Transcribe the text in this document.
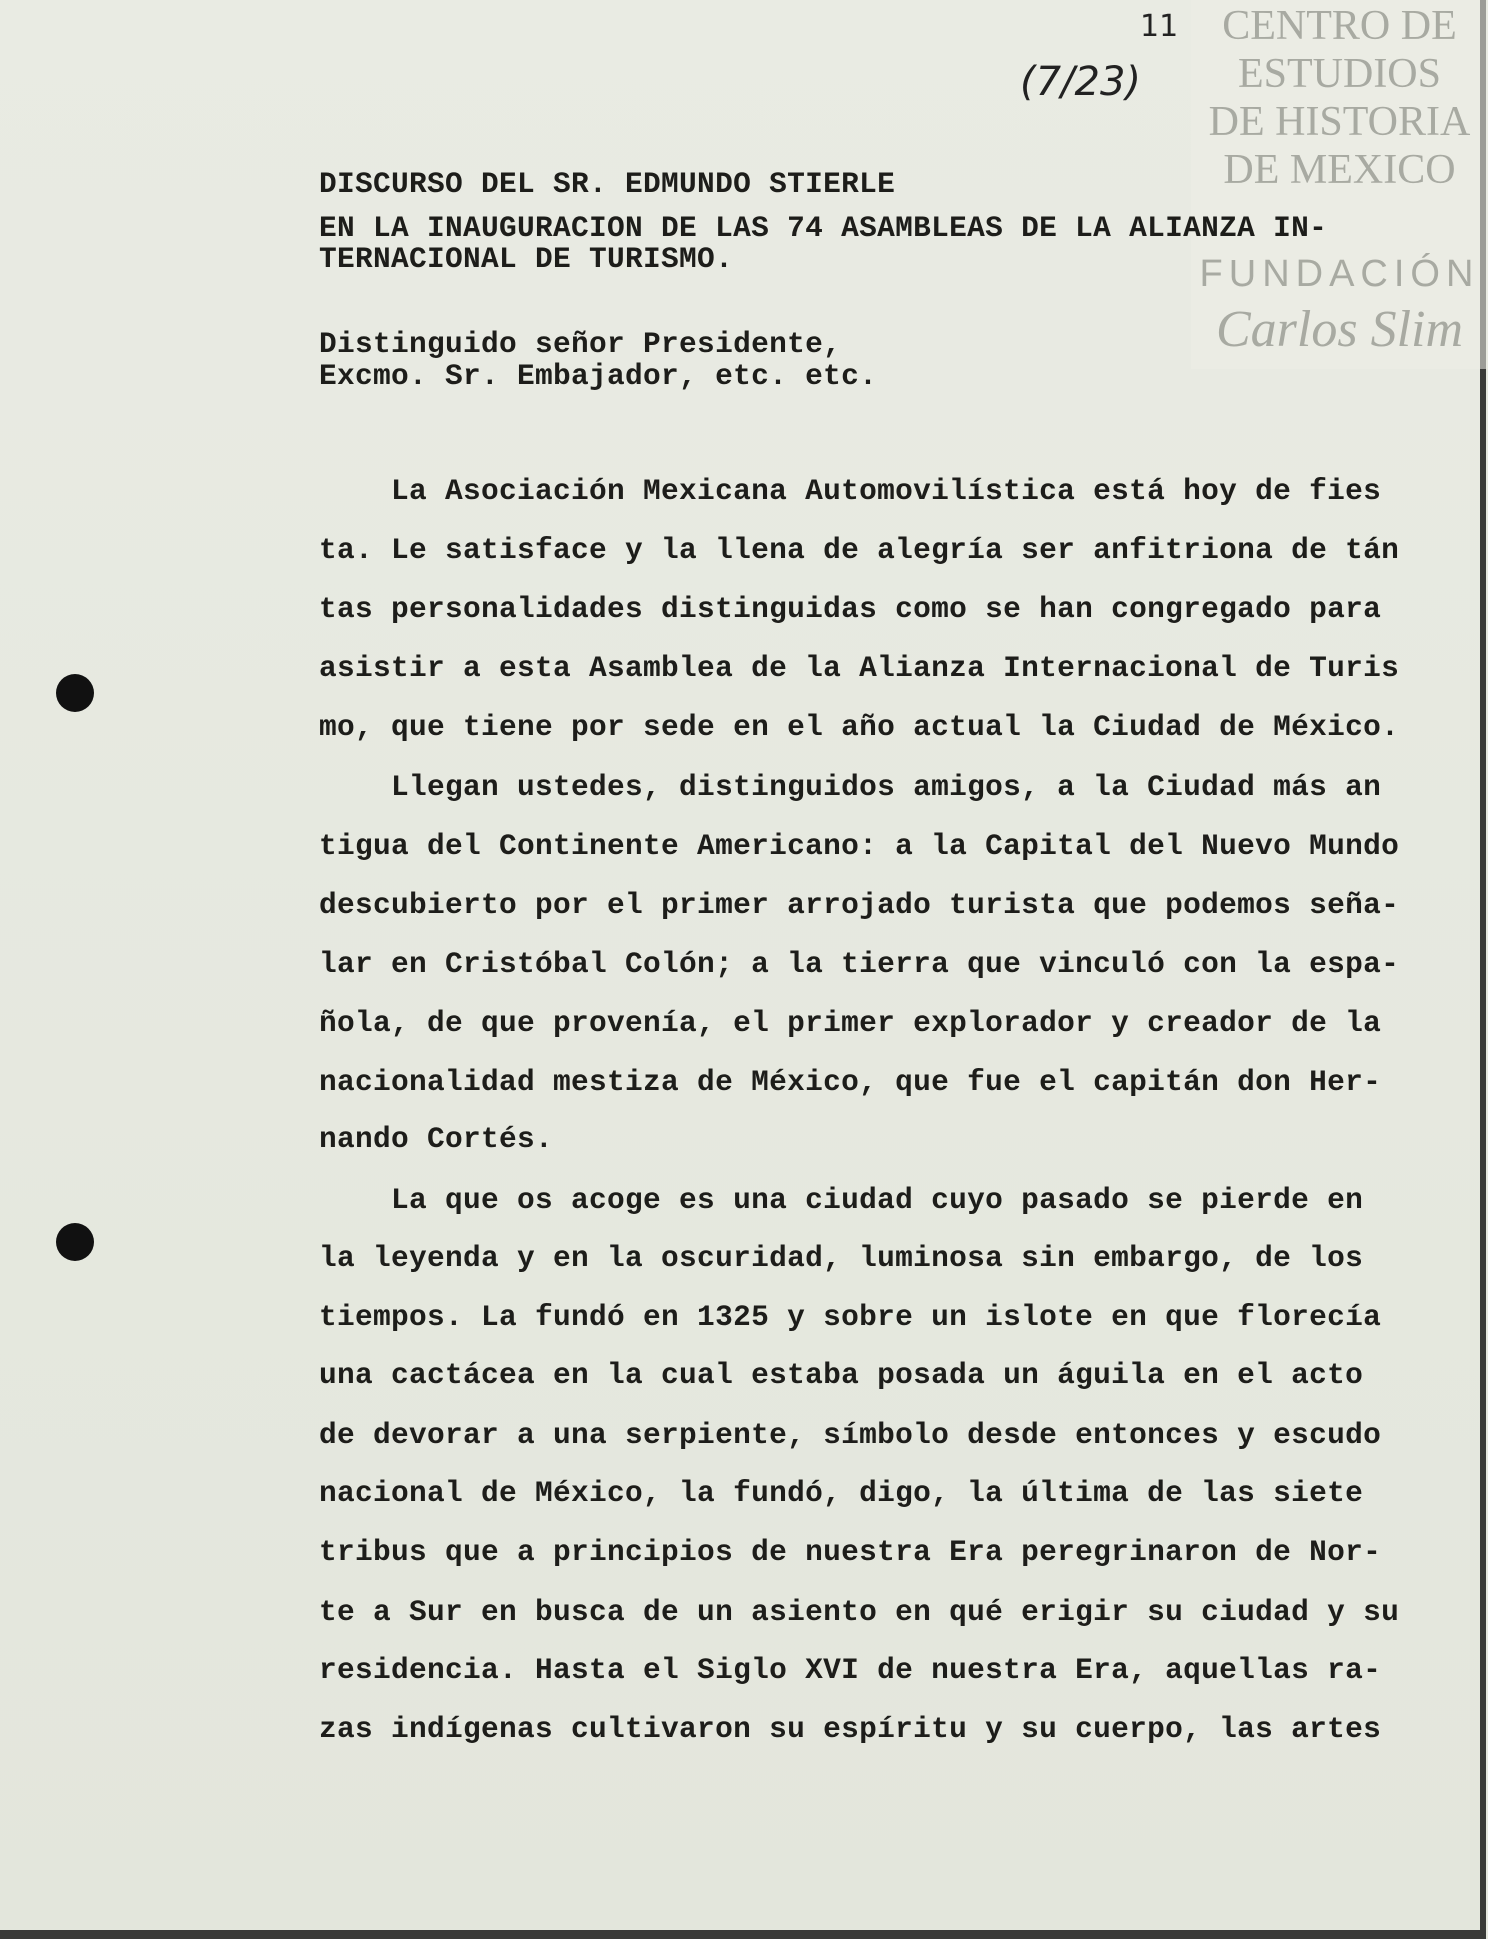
CENTRO DE
ESTUDIOS
DE HISTORIA
DE MEXICO
FUNDACIÓN
Carlos Slim
11
(7/23)
DISCURSO DEL SR. EDMUNDO STIERLE
EN LA INAUGURACION DE LAS 74 ASAMBLEAS DE LA ALIANZA IN-
TERNACIONAL DE TURISMO.
Distinguido señor Presidente,
Excmo. Sr. Embajador, etc. etc.
La Asociación Mexicana Automovilística está hoy de fies
ta. Le satisface y la llena de alegría ser anfitriona de tán
tas personalidades distinguidas como se han congregado para
asistir a esta Asamblea de la Alianza Internacional de Turis
mo, que tiene por sede en el año actual la Ciudad de México.
Llegan ustedes, distinguidos amigos, a la Ciudad más an
tigua del Continente Americano: a la Capital del Nuevo Mundo
descubierto por el primer arrojado turista que podemos seña-
lar en Cristóbal Colón; a la tierra que vinculó con la espa-
ñola, de que provenía, el primer explorador y creador de la
nacionalidad mestiza de México, que fue el capitán don Her-
nando Cortés.
La que os acoge es una ciudad cuyo pasado se pierde en
la leyenda y en la oscuridad, luminosa sin embargo, de los
tiempos. La fundó en 1325 y sobre un islote en que florecía
una cactácea en la cual estaba posada un águila en el acto
de devorar a una serpiente, símbolo desde entonces y escudo
nacional de México, la fundó, digo, la última de las siete
tribus que a principios de nuestra Era peregrinaron de Nor-
te a Sur en busca de un asiento en qué erigir su ciudad y su
residencia. Hasta el Siglo XVI de nuestra Era, aquellas ra-
zas indígenas cultivaron su espíritu y su cuerpo, las artes
